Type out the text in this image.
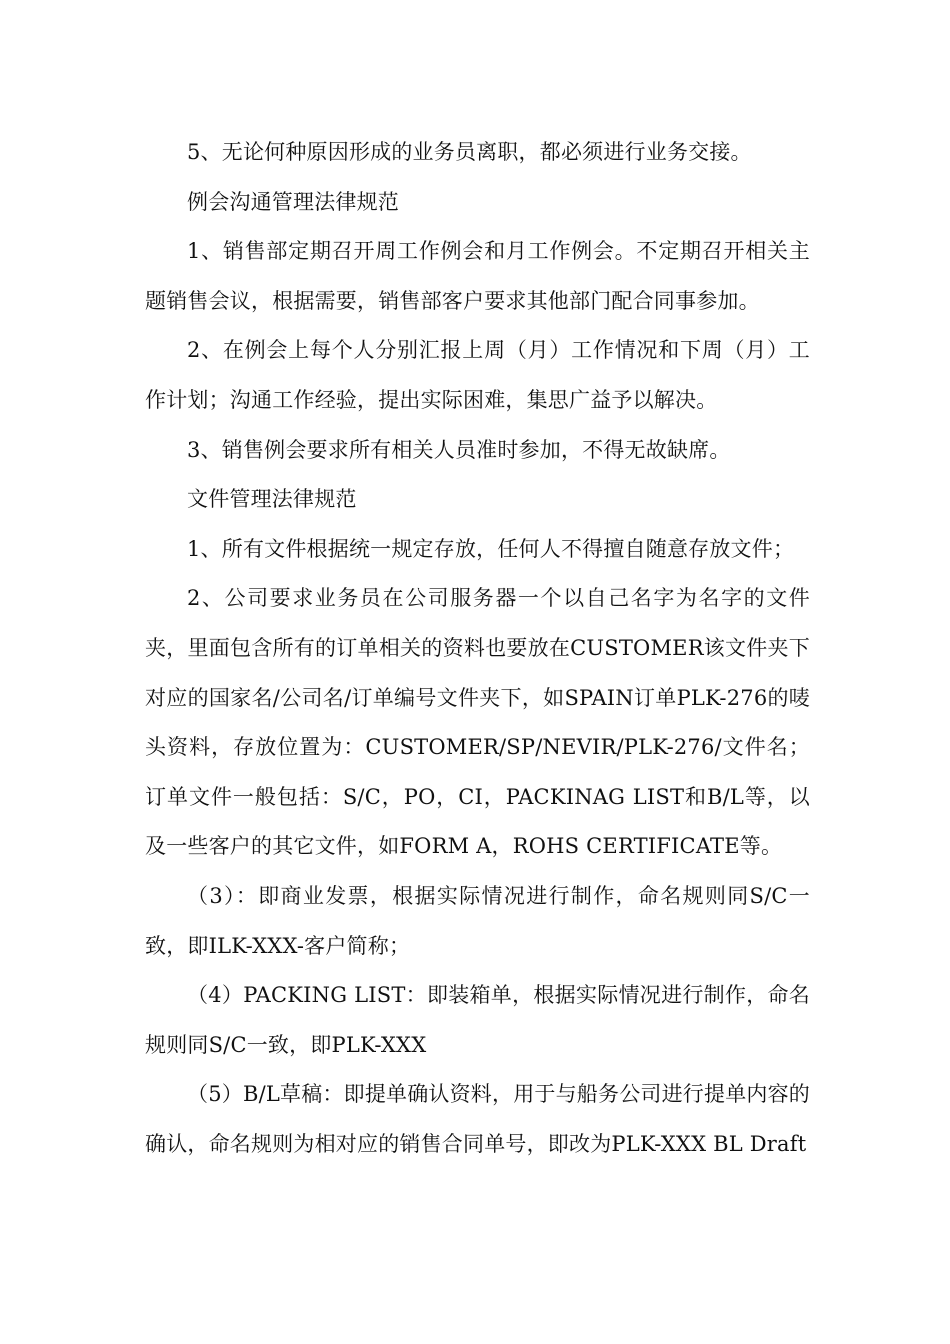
5、无论何种原因形成的业务员离职，都必须进行业务交接。

例会沟通管理法律规范

1、销售部定期召开周工作例会和月工作例会。不定期召开相关主题销售会议，根据需要，销售部客户要求其他部门配合同事参加。

2、在例会上每个人分别汇报上周（月）工作情况和下周（月）工作计划；沟通工作经验，提出实际困难，集思广益予以解决。

3、销售例会要求所有相关人员准时参加，不得无故缺席。

文件管理法律规范

1、所有文件根据统一规定存放，任何人不得擅自随意存放文件；

2、公司要求业务员在公司服务器一个以自己名字为名字的文件夹，里面包含所有的订单相关的资料也要放在CUSTOMER该文件夹下对应的国家名/公司名/订单编号文件夹下，如SPAIN订单PLK-276的唛头资料，存放位置为：CUSTOMER/SP/NEVIR/PLK-276/文件名；订单文件一般包括：S/C，PO，CI，PACKINAG LIST和B/L等，以及一些客户的其它文件，如FORM A，ROHS CERTIFICATE等。

（3）：即商业发票，根据实际情况进行制作，命名规则同S/C一致，即ILK-XXX-客户简称；

（4）PACKING LIST：即装箱单，根据实际情况进行制作，命名规则同S/C一致，即PLK-XXX

（5）B/L草稿：即提单确认资料，用于与船务公司进行提单内容的确认，命名规则为相对应的销售合同单号，即改为PLK-XXX BL Draft
